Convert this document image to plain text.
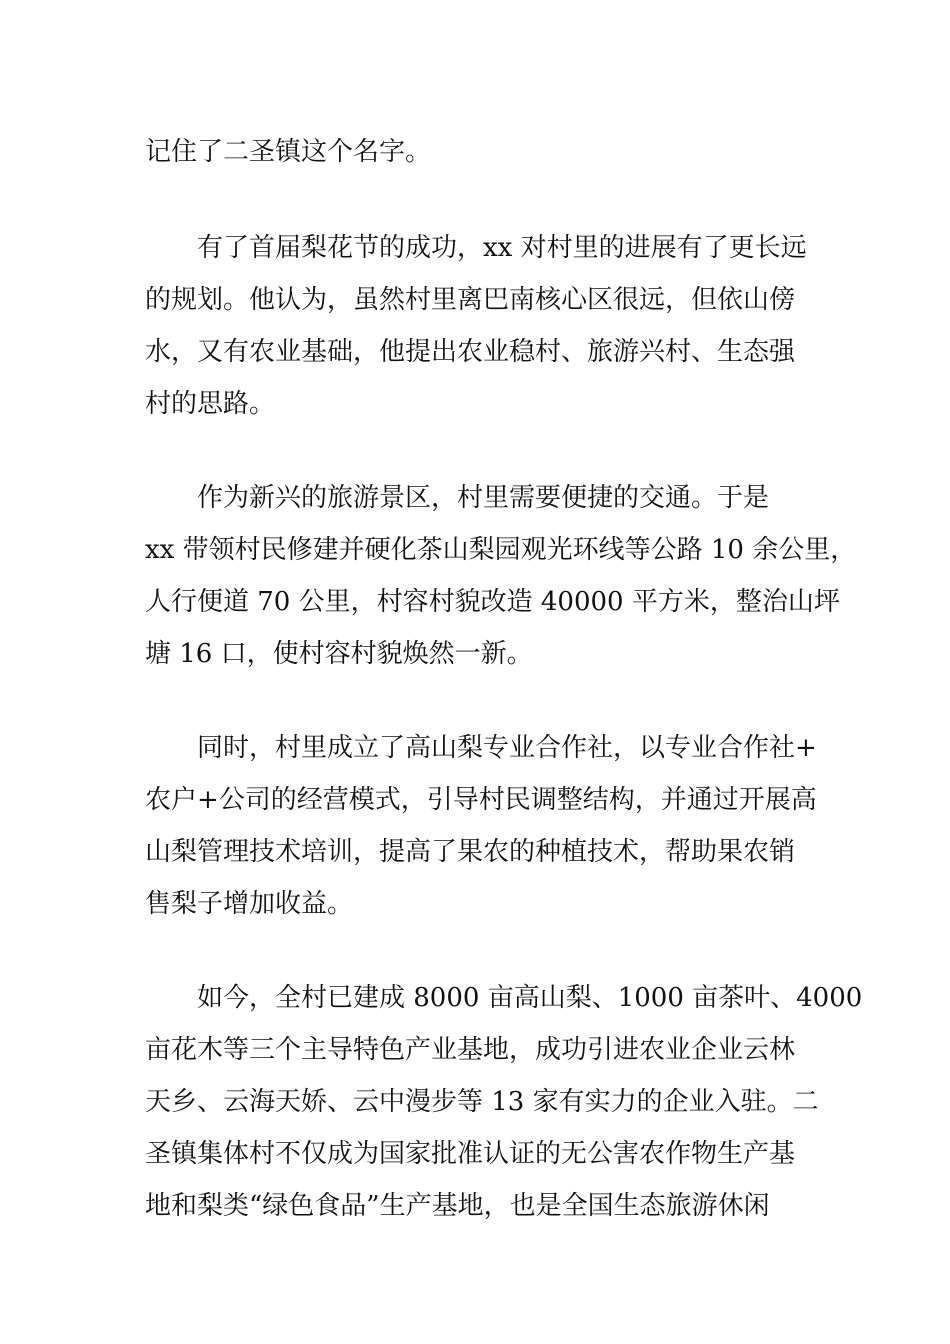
记住了二圣镇这个名字。
有了首届梨花节的成功，xx 对村里的进展有了更长远
的规划。他认为，虽然村里离巴南核心区很远，但依山傍
水，又有农业基础，他提出农业稳村、旅游兴村、生态强
村的思路。
作为新兴的旅游景区，村里需要便捷的交通。于是
xx 带领村民修建并硬化茶山梨园观光环线等公路 10 余公里，
人行便道 70 公里，村容村貌改造 40000 平方米，整治山坪
塘 16 口，使村容村貌焕然一新。
同时，村里成立了高山梨专业合作社，以专业合作社+
农户+公司的经营模式，引导村民调整结构，并通过开展高
山梨管理技术培训，提高了果农的种植技术，帮助果农销
售梨子增加收益。
如今，全村已建成 8000 亩高山梨、1000 亩茶叶、4000
亩花木等三个主导特色产业基地，成功引进农业企业云林
天乡、云海天娇、云中漫步等 13 家有实力的企业入驻。二
圣镇集体村不仅成为国家批准认证的无公害农作物生产基
地和梨类“绿色食品”生产基地，也是全国生态旅游休闲
